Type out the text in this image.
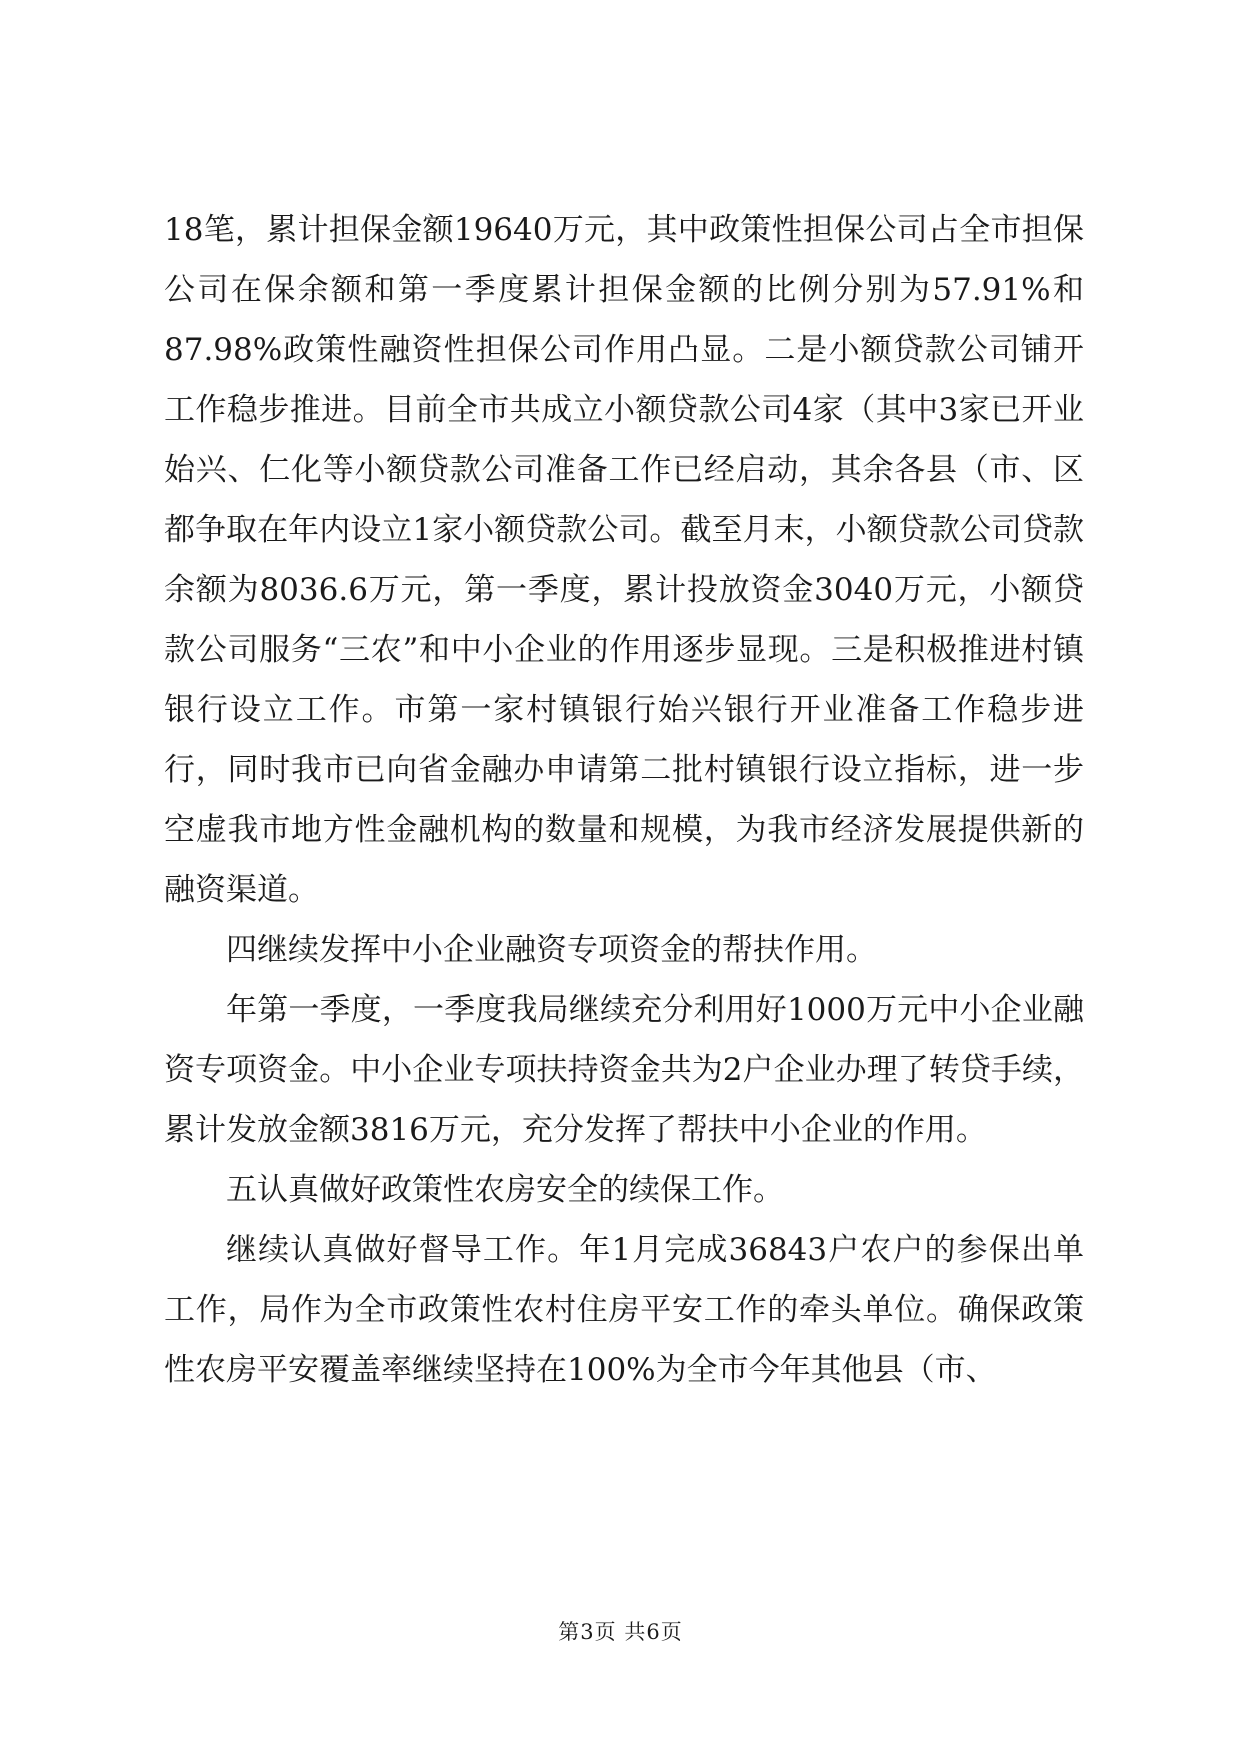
18笔，累计担保金额19640万元，其中政策性担保公司占全市担保公司在保余额和第一季度累计担保金额的比例分别为57.91%和87.98%政策性融资性担保公司作用凸显。二是小额贷款公司铺开工作稳步推进。目前全市共成立小额贷款公司4家（其中3家已开业始兴、仁化等小额贷款公司准备工作已经启动，其余各县（市、区都争取在年内设立1家小额贷款公司。截至月末，小额贷款公司贷款余额为8036.6万元，第一季度，累计投放资金3040万元，小额贷款公司服务“三农”和中小企业的作用逐步显现。三是积极推进村镇银行设立工作。市第一家村镇银行始兴银行开业准备工作稳步进行，同时我市已向省金融办申请第二批村镇银行设立指标，进一步空虚我市地方性金融机构的数量和规模，为我市经济发展提供新的融资渠道。

四继续发挥中小企业融资专项资金的帮扶作用。

年第一季度，一季度我局继续充分利用好1000万元中小企业融资专项资金。中小企业专项扶持资金共为2户企业办理了转贷手续，累计发放金额3816万元，充分发挥了帮扶中小企业的作用。

五认真做好政策性农房安全的续保工作。

继续认真做好督导工作。年1月完成36843户农户的参保出单工作，局作为全市政策性农村住房平安工作的牵头单位。确保政策性农房平安覆盖率继续坚持在100%为全市今年其他县（市、

第3页 共6页
